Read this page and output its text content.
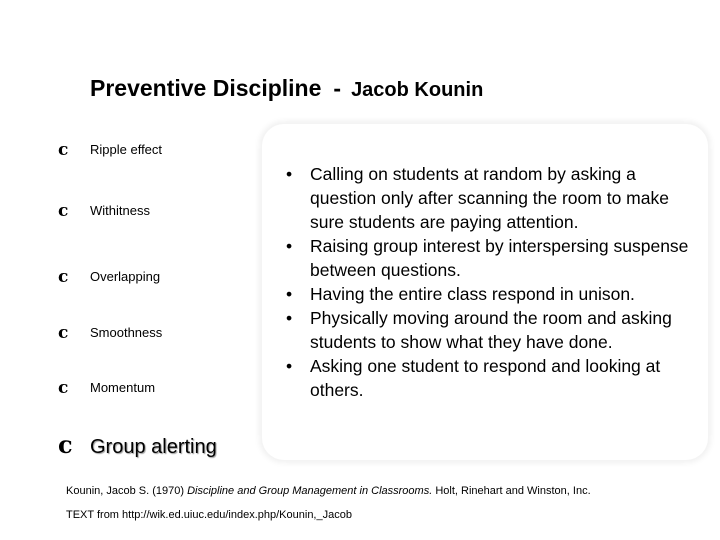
Preventive Discipline - Jacob Kounin
c Ripple effect
c Withitness
c Overlapping
c Smoothness
c Momentum
c Group alerting
• Calling on students at random by asking a question only after scanning the room to make sure students are paying attention.
• Raising group interest by interspersing suspense between questions.
• Having the entire class respond in unison.
• Physically moving around the room and asking students to show what they have done.
• Asking one student to respond and looking at others.
Kounin, Jacob S. (1970) Discipline and Group Management in Classrooms. Holt, Rinehart and Winston, Inc.
TEXT from http://wik.ed.uiuc.edu/index.php/Kounin,_Jacob
